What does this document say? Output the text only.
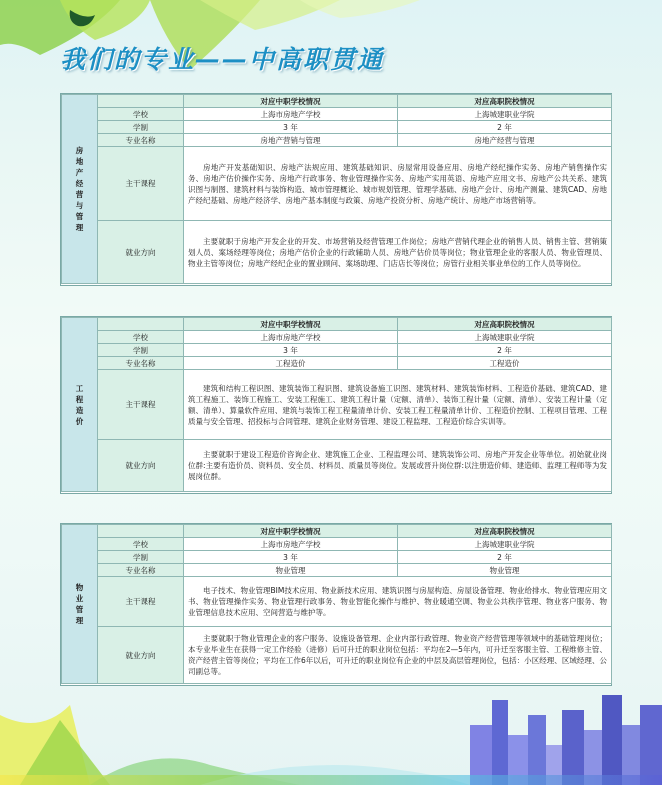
我们的专业——中高职贯通
房地产经营与管理		对应中职学校情况	对应高职院校情况
	学校	上海市房地产学校	上海城建职业学院
	学制	3 年	2 年
	专业名称	房地产营销与管理	房地产经营与管理
	主干课程	房地产开发基础知识、房地产法规应用、建筑基础知识、房屋常用设备应用、房地产经纪操作实务、房地产销售操作实务、房地产估价操作实务、房地产行政事务、物业管理操作实务、房地产实用英语、房地产应用文书、房地产公共关系、建筑识图与制图、建筑材料与装饰构造、城市管理概论、城市规划管理、管理学基础、房地产会计、房地产测量、建筑CAD、房地产经纪基础、房地产经济学、房地产基本制度与政策、房地产投资分析、房地产统计、房地产市场营销等。	
	就业方向	主要就职于房地产开发企业的开发、市场营销及经营管理工作岗位；房地产营销代理企业的销售人员、销售主管、营销策划人员、案场经理等岗位；房地产估价企业的行政辅助人员、房地产估价员等岗位；物业管理企业的客服人员、物业管理员、物业主管等岗位；房地产经纪企业的置业顾问、案场助理、门店店长等岗位；房管行业相关事业单位的工作人员等岗位。	
工程造价		对应中职学校情况	对应高职院校情况
	学校	上海市房地产学校	上海城建职业学院
	学制	3 年	2 年
	专业名称	工程造价	工程造价
	主干课程	建筑和结构工程识图、建筑装饰工程识图、建筑设备施工识图、建筑材料、建筑装饰材料、工程造价基础、建筑CAD、建筑工程施工、装饰工程施工、安装工程施工、建筑工程计量（定额、清单）、装饰工程计量（定额、清单）、安装工程计量（定额、清单）、算量软件应用、建筑与装饰工程工程量清单计价、安装工程工程量清单计价、工程造价控制、工程项目管理、工程质量与安全管理、招投标与合同管理、建筑企业财务管理、建设工程监理、工程造价综合实训等。	
	就业方向	主要就职于建设工程造价咨询企业、建筑施工企业、工程监理公司、建筑装饰公司、房地产开发企业等单位。初始就业岗位群:主要有造价员、资料员、安全员、材料员、质量员等岗位。发展或晋升岗位群:以注册造价师、建造师、监理工程师等为发展岗位群。	
物业管理		对应中职学校情况	对应高职院校情况
	学校	上海市房地产学校	上海城建职业学院
	学制	3 年	2 年
	专业名称	物业管理	物业管理
	主干课程	电子技术、物业管理BIM技术应用、物业新技术应用、建筑识图与房屋构造、房屋设备管理、物业给排水、物业管理应用文书、物业管理操作实务、物业管理行政事务、物业智能化操作与维护、物业暖通空调、物业公共秩序管理、物业客户服务、物业管理信息技术应用、空间营造与维护等。	
	就业方向	主要就职于物业管理企业的客户服务、设施设备管理、企业内部行政管理、物业资产经营管理等领域中的基础管理岗位；本专业毕业生在获得一定工作经验（进修）后可升迁的职业岗位包括：平均在2—5年内，可升迁至客服主管、工程维修主管、资产经营主管等岗位；平均在工作6年以后，可升迁的职业岗位有企业的中层及高层管理岗位，包括：小区经理、区域经理、公司副总等。	
